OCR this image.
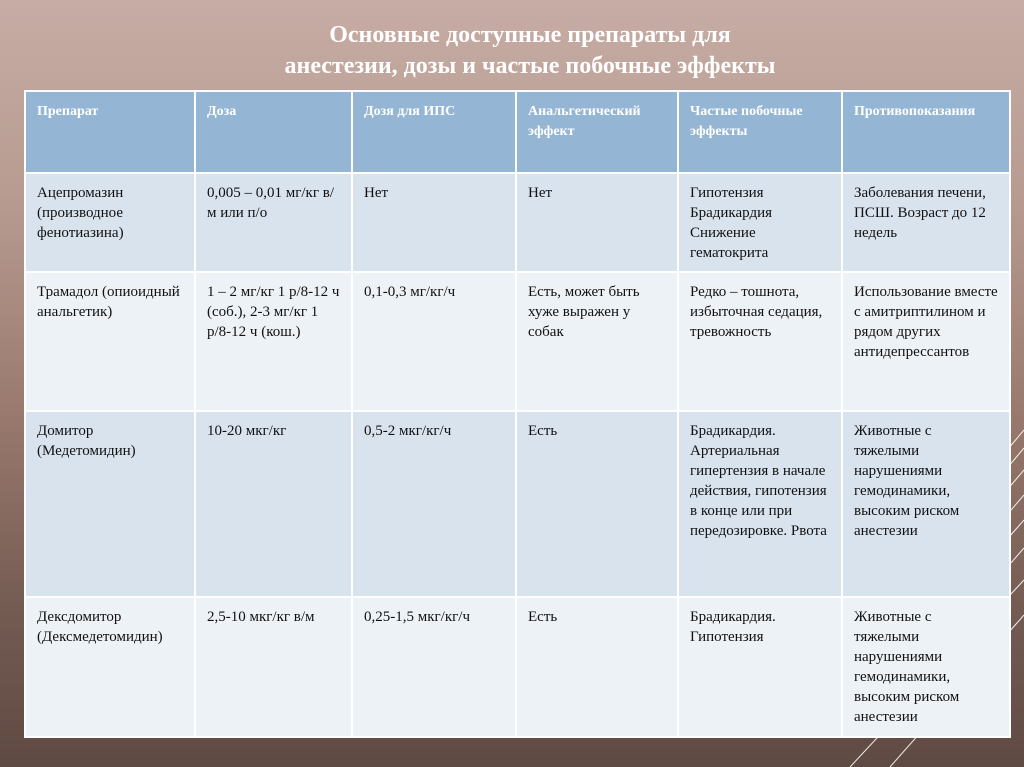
Основные доступные препараты для
анестезии, дозы и частые побочные эффекты
Препарат	Доза	Дозя для ИПС	Анальгетический эффект	Частые побочные эффекты	Противопоказания
Ацепромазин (производное фенотиазина)	0,005 – 0,01 мг/кг в/м или п/о	Нет	Нет	Гипотензия Брадикардия Снижение гематокрита	Заболевания печени, ПСШ. Возраст до 12 недель
Трамадол (опиоидный анальгетик)	1 – 2 мг/кг 1 р/8-12 ч (соб.), 2-3 мг/кг 1 р/8-12 ч (кош.)	0,1-0,3 мг/кг/ч	Есть, может быть хуже выражен у собак	Редко – тошнота, избыточная седация, тревожность	Использование вместе с амитриптилином и рядом других антидепрессантов
Домитор (Медетомидин)	10-20 мкг/кг	0,5-2 мкг/кг/ч	Есть	Брадикардия. Артериальная гипертензия в начале действия, гипотензия в конце или при передозировке. Рвота	Животные с тяжелыми нарушениями гемодинамики, высоким риском анестезии
Дексдомитор (Дексмедетомидин)	2,5-10 мкг/кг в/м	0,25-1,5 мкг/кг/ч	Есть	Брадикардия. Гипотензия	Животные с тяжелыми нарушениями гемодинамики, высоким риском анестезии
